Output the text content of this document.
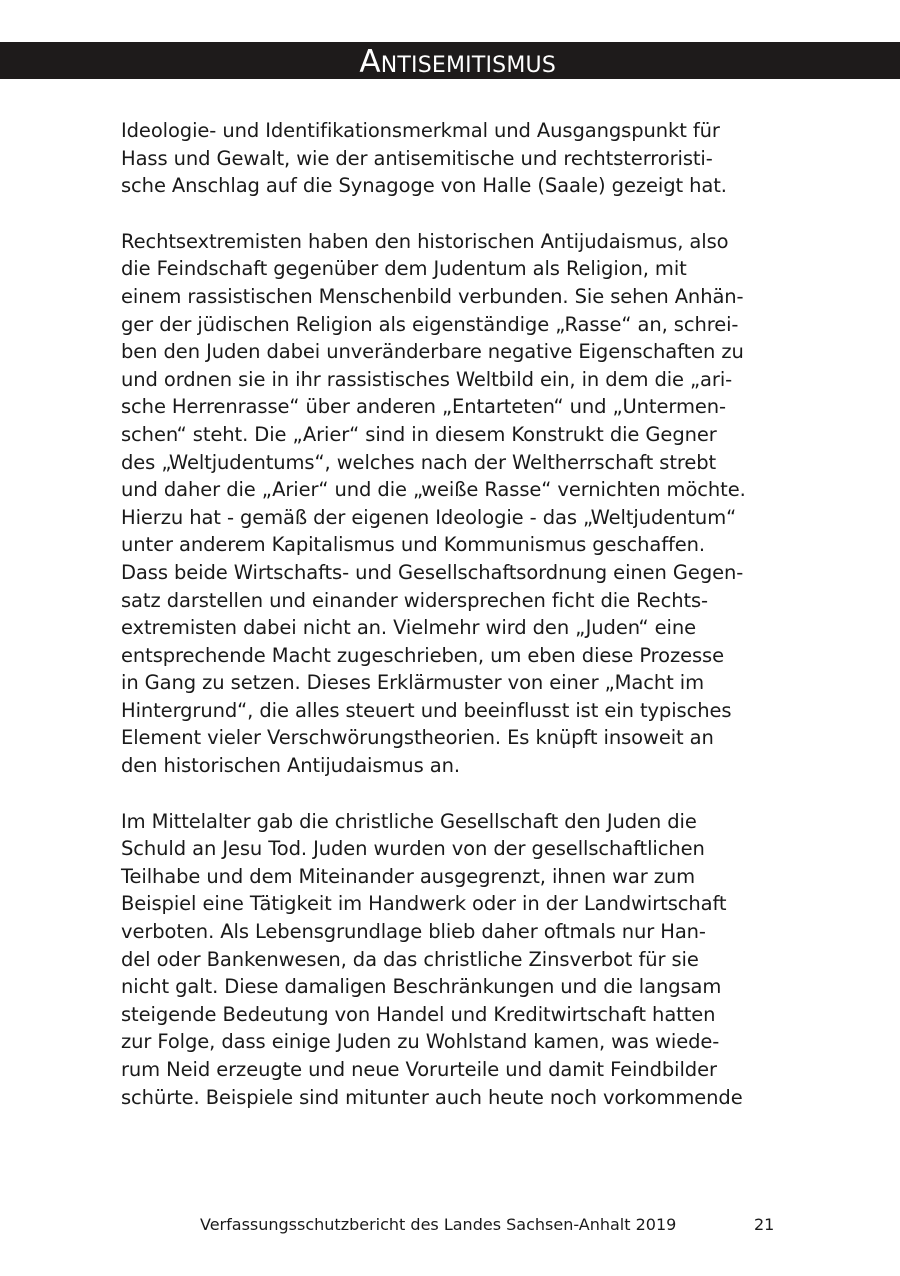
Antisemitismus
Ideologie- und Identifikationsmerkmal und Ausgangspunkt für
Hass und Gewalt, wie der antisemitische und rechtsterroristi-
sche Anschlag auf die Synagoge von Halle (Saale) gezeigt hat.
Rechtsextremisten haben den historischen Antijudaismus, also
die Feindschaft gegenüber dem Judentum als Religion, mit
einem rassistischen Menschenbild verbunden. Sie sehen Anhän-
ger der jüdischen Religion als eigenständige „Rasse“ an, schrei-
ben den Juden dabei unveränderbare negative Eigenschaften zu
und ordnen sie in ihr rassistisches Weltbild ein, in dem die „ari-
sche Herrenrasse“ über anderen „Entarteten“ und „Untermen-
schen“ steht. Die „Arier“ sind in diesem Konstrukt die Gegner
des „Weltjudentums“, welches nach der Weltherrschaft strebt
und daher die „Arier“ und die „weiße Rasse“ vernichten möchte.
Hierzu hat - gemäß der eigenen Ideologie - das „Weltjudentum“
unter anderem Kapitalismus und Kommunismus geschaffen.
Dass beide Wirtschafts- und Gesellschaftsordnung einen Gegen-
satz darstellen und einander widersprechen ficht die Rechts-
extremisten dabei nicht an. Vielmehr wird den „Juden“ eine
entsprechende Macht zugeschrieben, um eben diese Prozesse
in Gang zu setzen. Dieses Erklärmuster von einer „Macht im
Hintergrund“, die alles steuert und beeinflusst ist ein typisches
Element vieler Verschwörungstheorien. Es knüpft insoweit an
den historischen Antijudaismus an.
Im Mittelalter gab die christliche Gesellschaft den Juden die
Schuld an Jesu Tod. Juden wurden von der gesellschaftlichen
Teilhabe und dem Miteinander ausgegrenzt, ihnen war zum
Beispiel eine Tätigkeit im Handwerk oder in der Landwirtschaft
verboten. Als Lebensgrundlage blieb daher oftmals nur Han-
del oder Bankenwesen, da das christliche Zinsverbot für sie
nicht galt. Diese damaligen Beschränkungen und die langsam
steigende Bedeutung von Handel und Kreditwirtschaft hatten
zur Folge, dass einige Juden zu Wohlstand kamen, was wiede-
rum Neid erzeugte und neue Vorurteile und damit Feindbilder
schürte. Beispiele sind mitunter auch heute noch vorkommende
Verfassungsschutzbericht des Landes Sachsen-Anhalt 2019	21
